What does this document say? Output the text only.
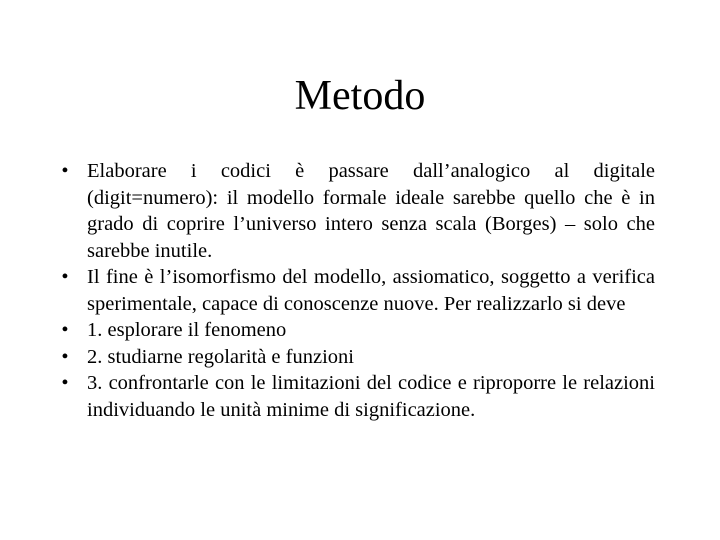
Metodo
• Elaborare i codici è passare dall’analogico al digitale (digit=numero): il modello formale ideale sarebbe quello che è in grado di coprire l’universo intero senza scala (Borges) – solo che sarebbe inutile.
• Il fine è l’isomorfismo del modello, assiomatico, soggetto a verifica sperimentale, capace di conoscenze nuove. Per realizzarlo si deve
• 1. esplorare il fenomeno
• 2. studiarne regolarità e funzioni
• 3. confrontarle con le limitazioni del codice e riproporre le relazioni individuando le unità minime di significazione.
